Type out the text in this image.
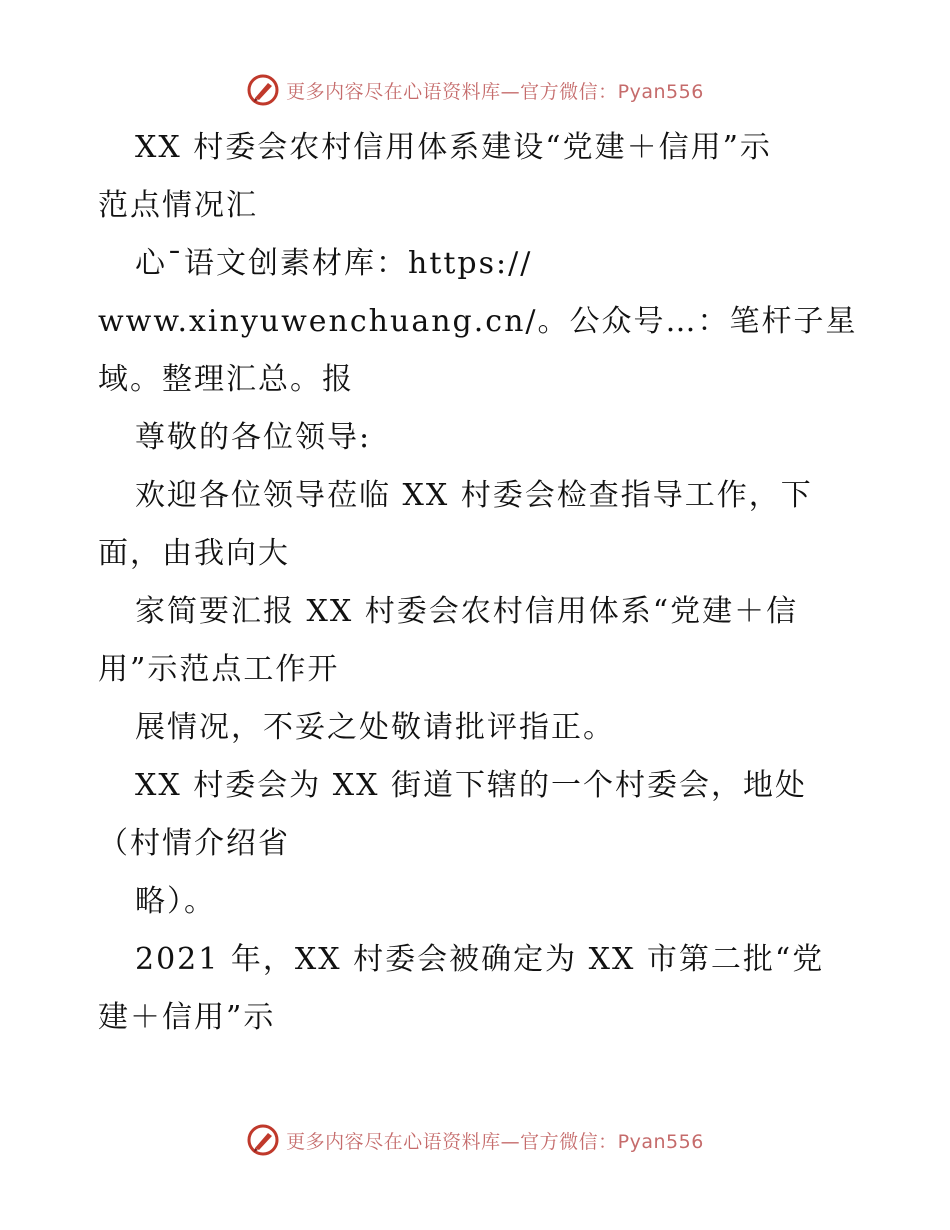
更多内容尽在心语资料库—官方微信：Pyan556
XX 村委会农村信用体系建设“党建＋信用”示
范点情况汇
心¯语文创素材库：https://
www.xinyuwenchuang.cn/。公众号…：笔杆子星
域。整理汇总。报
尊敬的各位领导:
欢迎各位领导莅临 XX 村委会检查指导工作，下
面，由我向大
家简要汇报 XX 村委会农村信用体系“党建＋信
用”示范点工作开
展情况，不妥之处敬请批评指正。
XX 村委会为 XX 街道下辖的一个村委会，地处
（村情介绍省
略）。
2021 年，XX 村委会被确定为 XX 市第二批“党
建＋信用”示
更多内容尽在心语资料库—官方微信：Pyan556
